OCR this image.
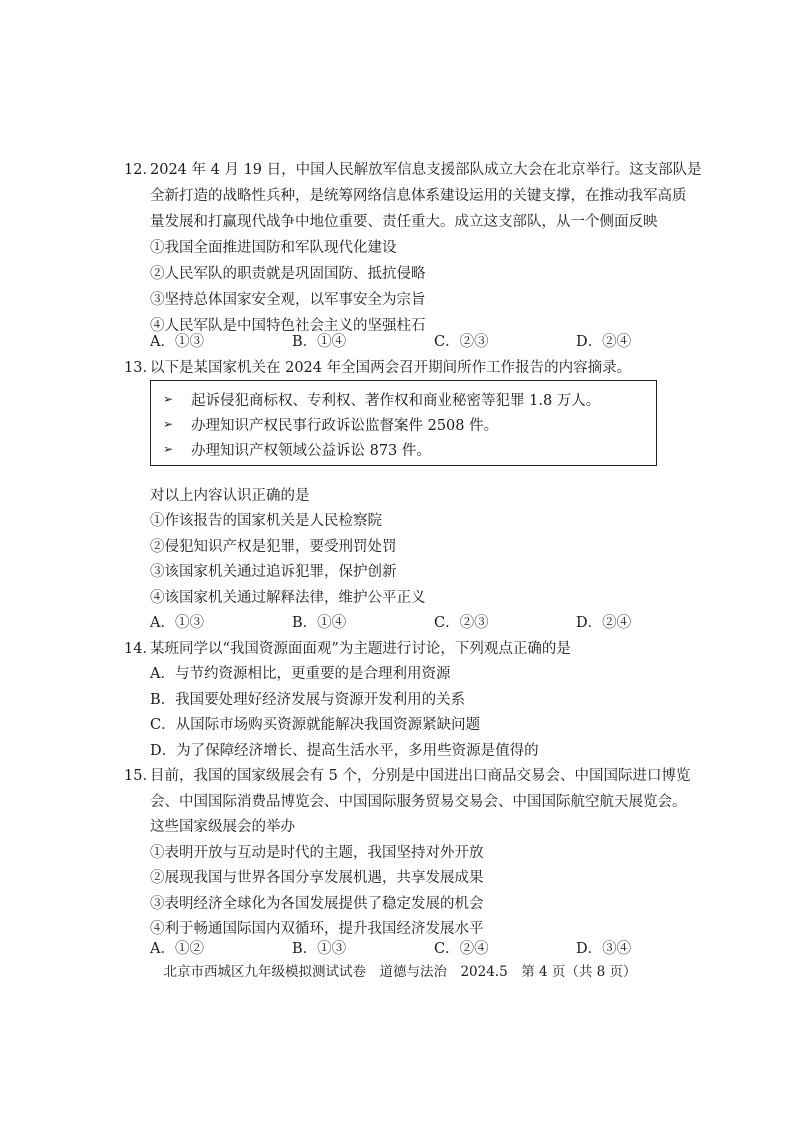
12．
2024 年 4 月 19 日，中国人民解放军信息支援部队成立大会在北京举行。这支部队是
全新打造的战略性兵种，是统筹网络信息体系建设运用的关键支撑，在推动我军高质
量发展和打赢现代战争中地位重要、责任重大。成立这支部队，从一个侧面反映
①我国全面推进国防和军队现代化建设
②人民军队的职责就是巩固国防、抵抗侵略
③坚持总体国家安全观，以军事安全为宗旨
④人民军队是中国特色社会主义的坚强柱石
A．①③	B．①④	C．②③	D．②④
13．
以下是某国家机关在 2024 年全国两会召开期间所作工作报告的内容摘录。
➢ 起诉侵犯商标权、专利权、著作权和商业秘密等犯罪 1.8 万人。
➢ 办理知识产权民事行政诉讼监督案件 2508 件。
➢ 办理知识产权领域公益诉讼 873 件。
对以上内容认识正确的是
①作该报告的国家机关是人民检察院
②侵犯知识产权是犯罪，要受刑罚处罚
③该国家机关通过追诉犯罪，保护创新
④该国家机关通过解释法律，维护公平正义
A．①③	B．①④	C．②③	D．②④
14．
某班同学以“我国资源面面观”为主题进行讨论，下列观点正确的是
A．与节约资源相比，更重要的是合理利用资源
B．我国要处理好经济发展与资源开发利用的关系
C．从国际市场购买资源就能解决我国资源紧缺问题
D．为了保障经济增长、提高生活水平，多用些资源是值得的
15．
目前，我国的国家级展会有 5 个，分别是中国进出口商品交易会、中国国际进口博览
会、中国国际消费品博览会、中国国际服务贸易交易会、中国国际航空航天展览会。
这些国家级展会的举办
①表明开放与互动是时代的主题，我国坚持对外开放
②展现我国与世界各国分享发展机遇，共享发展成果
③表明经济全球化为各国发展提供了稳定发展的机会
④利于畅通国际国内双循环，提升我国经济发展水平
A．①②	B．①③	C．②④	D．③④
北京市西城区九年级模拟测试试卷　道德与法治　2024.5　第 4 页（共 8 页）
